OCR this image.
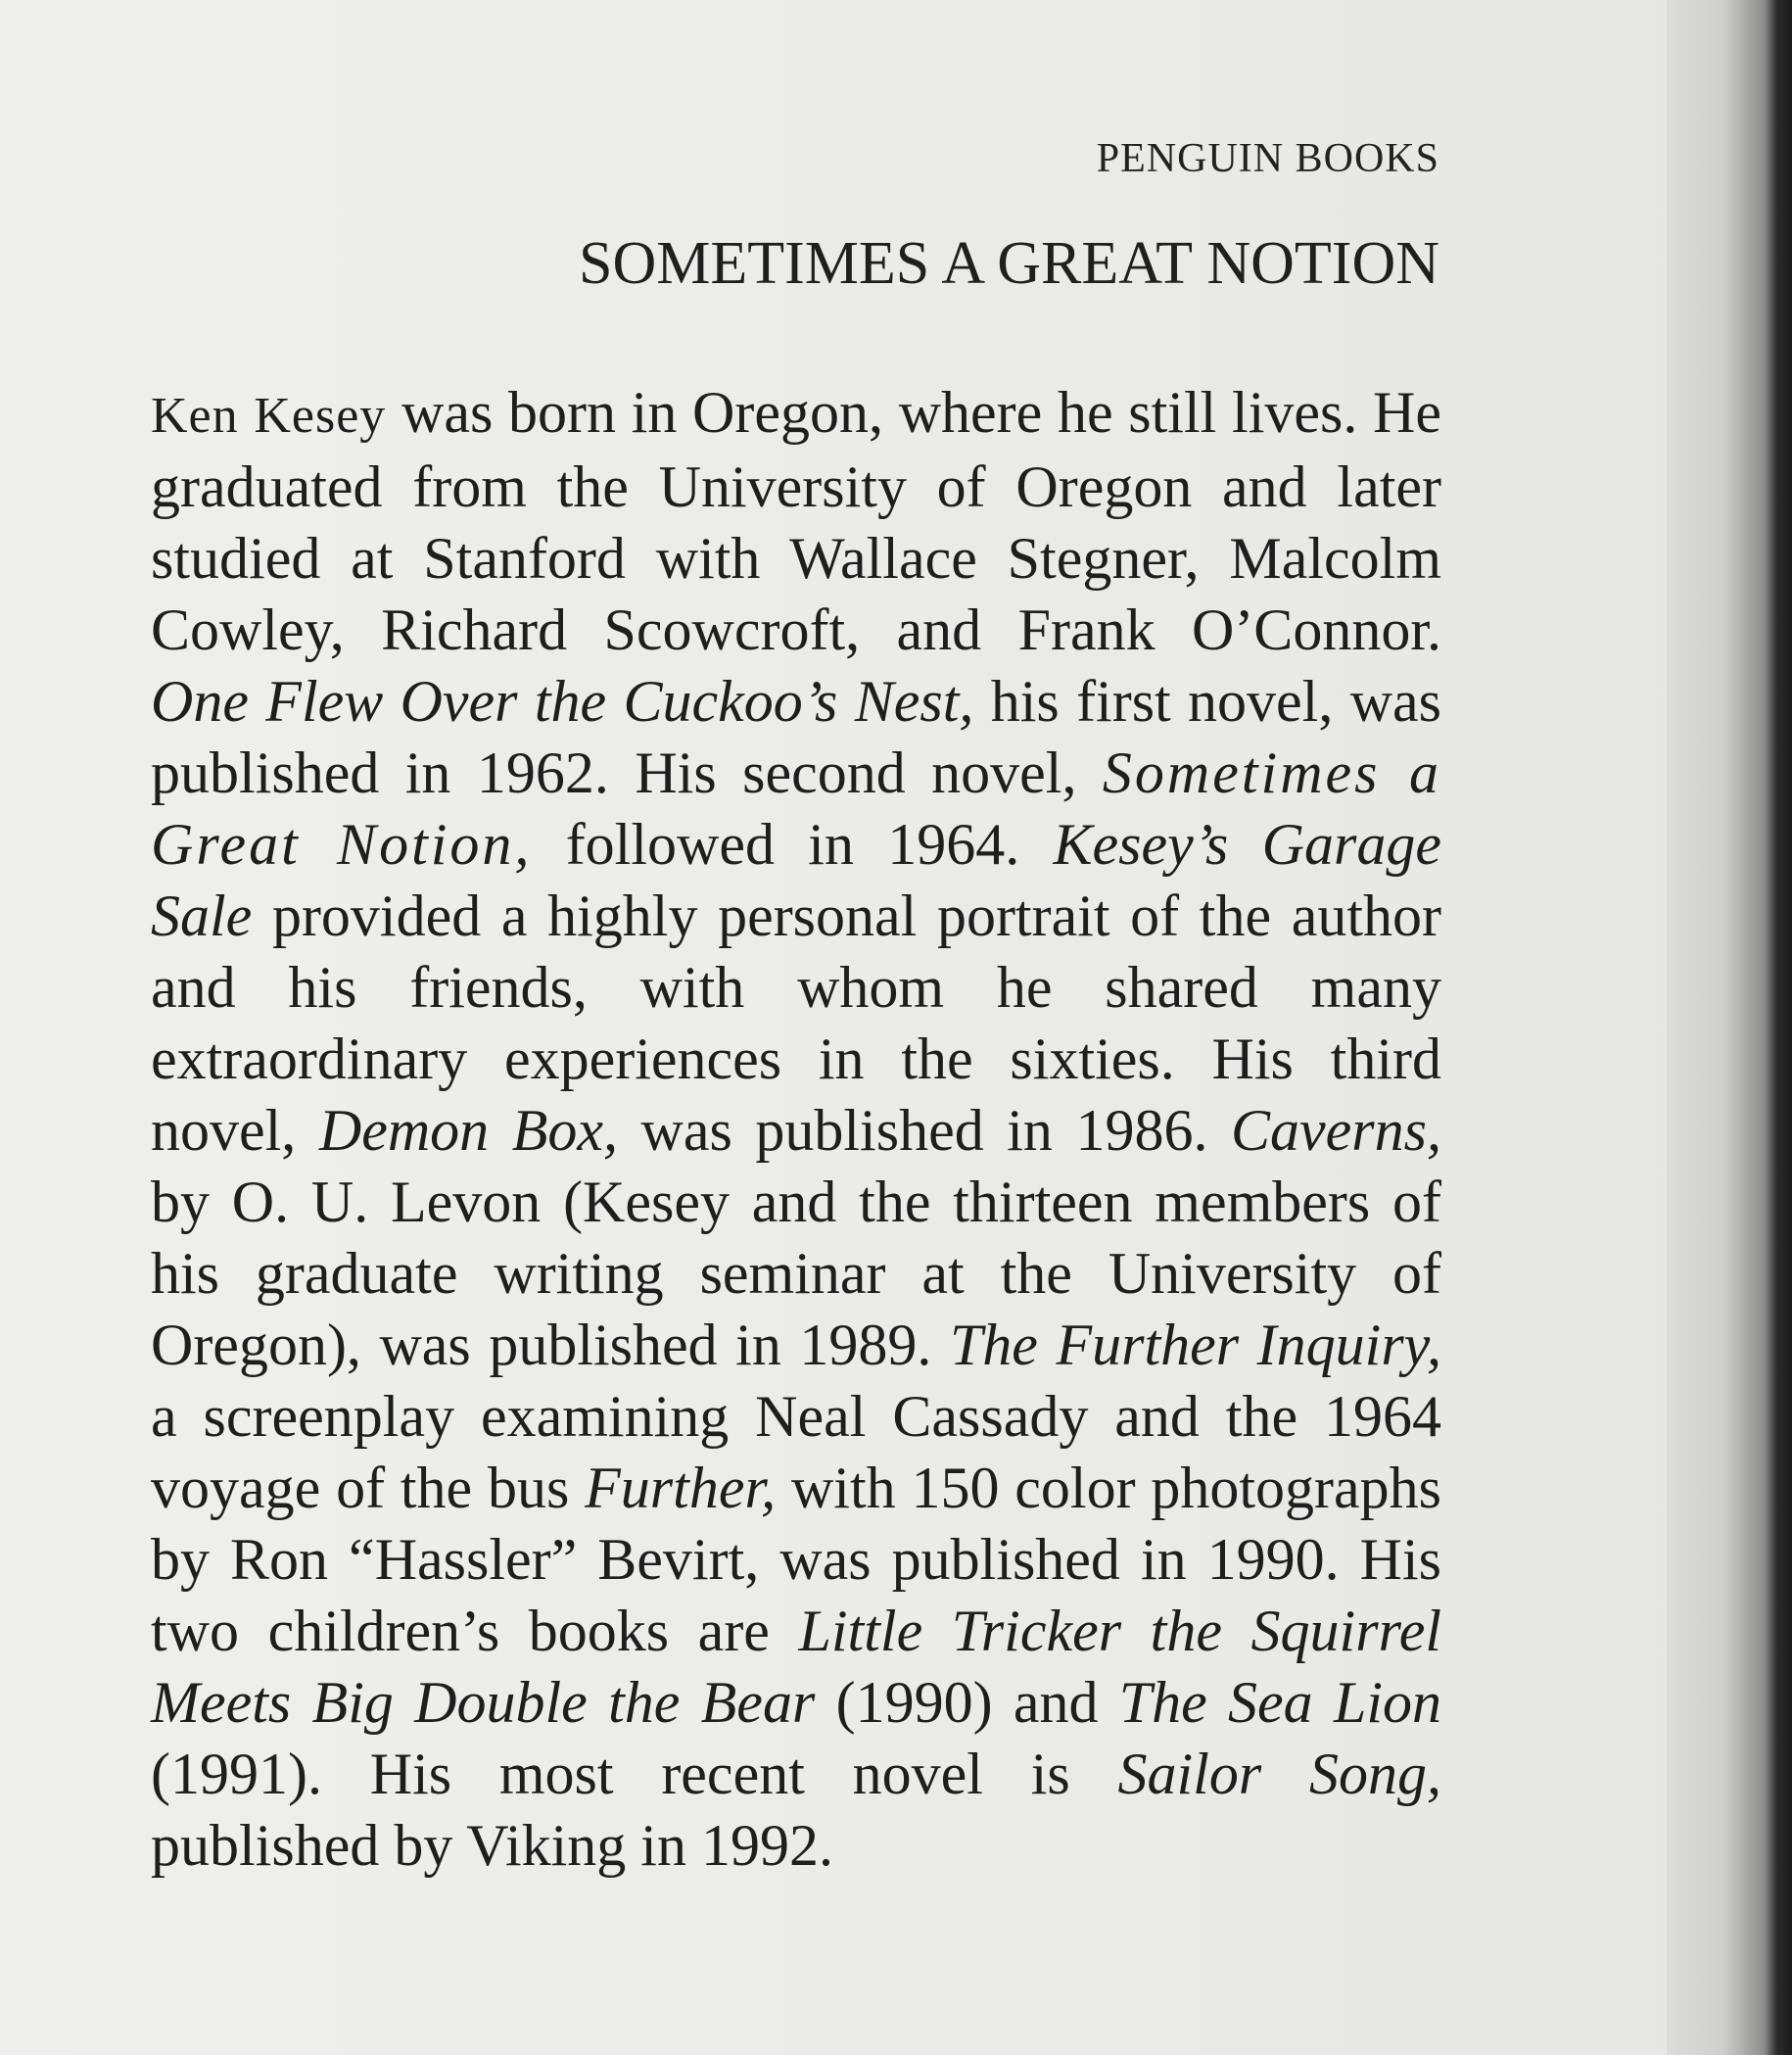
PENGUIN BOOKS
SOMETIMES A GREAT NOTION

Ken Kesey was born in Oregon, where he still lives. He graduated from the University of Oregon and later studied at Stanford with Wallace Stegner, Malcolm Cowley, Richard Scowcroft, and Frank O’Connor. One Flew Over the Cuckoo’s Nest, his first novel, was published in 1962. His second novel, Sometimes a Great Notion, followed in 1964. Kesey’s Garage Sale provided a highly personal portrait of the author and his friends, with whom he shared many extraordinary experiences in the sixties. His third novel, Demon Box, was published in 1986. Caverns, by O. U. Levon (Kesey and the thirteen members of his graduate writing seminar at the University of Oregon), was published in 1989. The Further Inquiry, a screenplay examining Neal Cassady and the 1964 voyage of the bus Further, with 150 color photographs by Ron “Hassler” Bevirt, was published in 1990. His two children’s books are Little Tricker the Squirrel Meets Big Double the Bear (1990) and The Sea Lion (1991). His most recent novel is Sailor Song, published by Viking in 1992.
